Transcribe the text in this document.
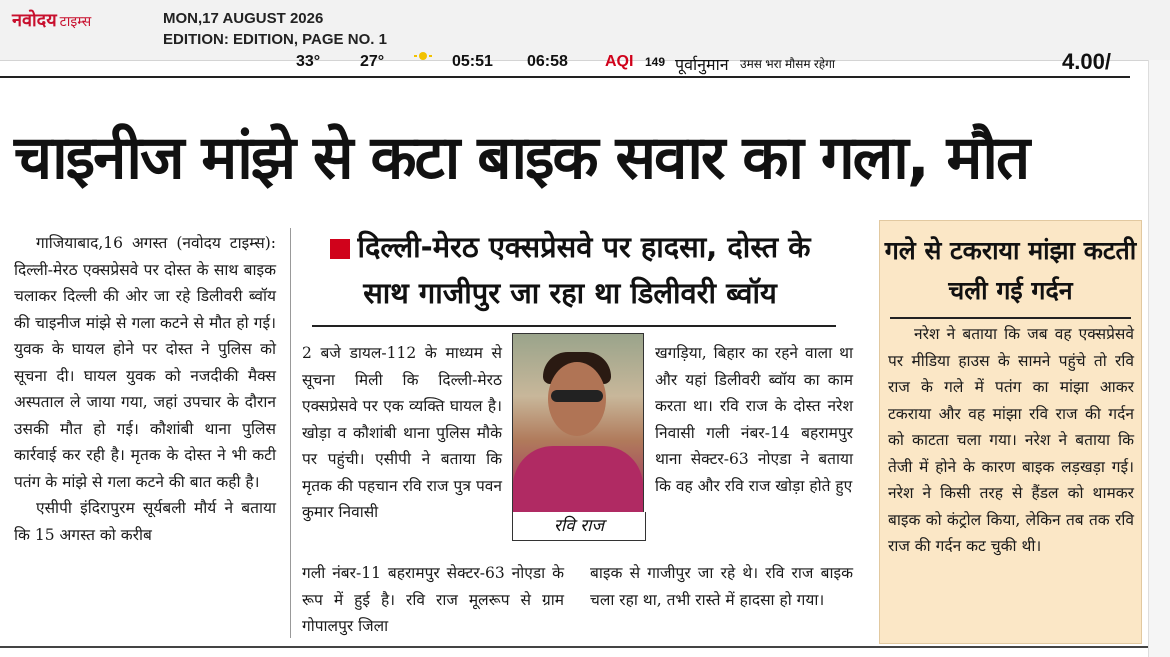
नवोदय टाइम्स	MON,17 AUGUST 2026
EDITION: EDITION, PAGE NO. 1
33° 27°	05:51 06:58 AQI 149 पूर्वानुमान उमस भरा मौसम रहेगा	4.00/
चाइनीज मांझे से कटा बाइक सवार का गला, मौत

गाजियाबाद,16 अगस्त (नवोदय टाइम्स): दिल्ली-मेरठ एक्सप्रेसवे पर दोस्त के साथ बाइक चलाकर दिल्ली की ओर जा रहे डिलीवरी ब्वॉय की चाइनीज मांझे से गला कटने से मौत हो गई। युवक के घायल होने पर दोस्त ने पुलिस को सूचना दी। घायल युवक को नजदीकी मैक्स अस्पताल ले जाया गया, जहां उपचार के दौरान उसकी मौत हो गई। कौशांबी थाना पुलिस कार्रवाई कर रही है। मृतक के दोस्त ने भी कटी पतंग के मांझे से गला कटने की बात कही है।

एसीपी इंदिरापुरम सूर्यबली मौर्य ने बताया कि 15 अगस्त को करीब

दिल्ली-मेरठ एक्सप्रेसवे पर हादसा, दोस्त के साथ गाजीपुर जा रहा था डिलीवरी ब्वॉय

2 बजे डायल-112 के माध्यम से सूचना मिली कि दिल्ली-मेरठ एक्सप्रेसवे पर एक व्यक्ति घायल है। खोड़ा व कौशांबी थाना पुलिस मौके पर पहुंची। एसीपी ने बताया कि मृतक की पहचान रवि राज पुत्र पवन कुमार निवासी

रवि राज

गली नंबर-11 बहरामपुर सेक्टर-63 नोएडा के रूप में हुई है। रवि राज मूलरूप से ग्राम गोपालपुर जिला

खगड़िया, बिहार का रहने वाला था और यहां डिलीवरी ब्वॉय का काम करता था। रवि राज के दोस्त नरेश निवासी गली नंबर-14 बहरामपुर थाना सेक्टर-63 नोएडा ने बताया कि वह और रवि राज खोड़ा होते हुए

बाइक से गाजीपुर जा रहे थे। रवि राज बाइक चला रहा था, तभी रास्ते में हादसा हो गया।

गले से टकराया मांझा कटती चली गई गर्दन
नरेश ने बताया कि जब वह एक्सप्रेसवे पर मीडिया हाउस के सामने पहुंचे तो रवि राज के गले में पतंग का मांझा आकर टकराया और वह मांझा रवि राज की गर्दन को काटता चला गया। नरेश ने बताया कि तेजी में होने के कारण बाइक लड़खड़ा गई। नरेश ने किसी तरह से हैंडल को थामकर बाइक को कंट्रोल किया, लेकिन तब तक रवि राज की गर्दन कट चुकी थी।
